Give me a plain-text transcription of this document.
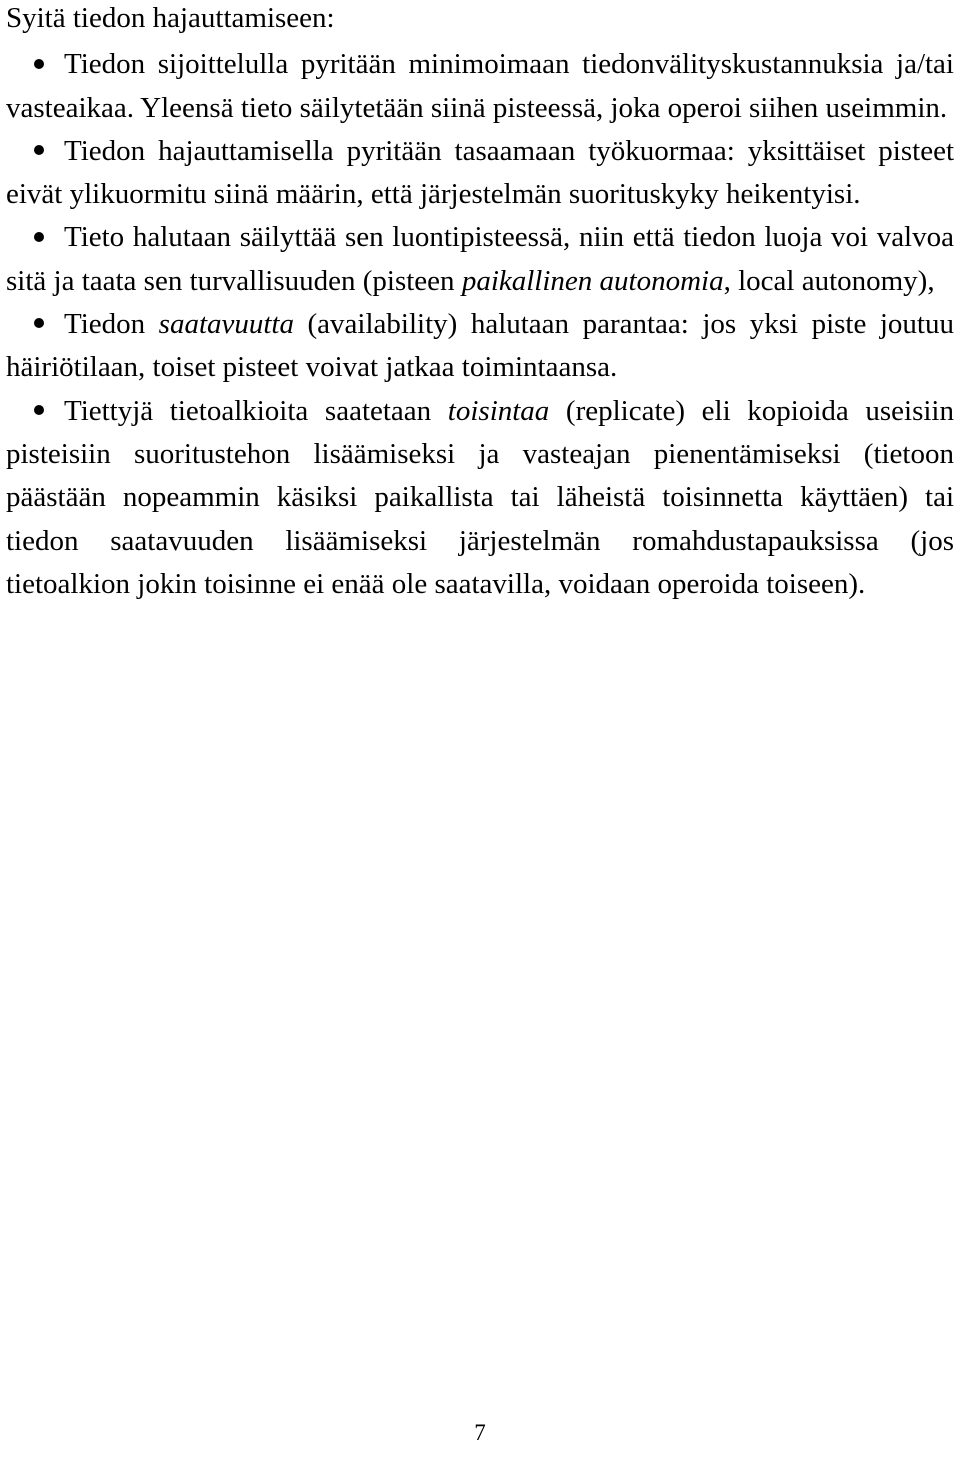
Syitä tiedon hajauttamiseen:

Tiedon sijoittelulla pyritään minimoimaan tiedonvälityskustannuksia ja/tai vasteaikaa. Yleensä tieto säilytetään siinä pisteessä, joka operoi siihen useimmin.
Tiedon hajauttamisella pyritään tasaamaan työkuormaa: yksittäiset pisteet eivät ylikuormitu siinä määrin, että järjestelmän suorituskyky heikentyisi.
Tieto halutaan säilyttää sen luontipisteessä, niin että tiedon luoja voi valvoa sitä ja taata sen turvallisuuden (pisteen paikallinen autonomia, local autonomy),
Tiedon saatavuutta (availability) halutaan parantaa: jos yksi piste joutuu häiriötilaan, toiset pisteet voivat jatkaa toimintaansa.
Tiettyjä tietoalkioita saatetaan toisintaa (replicate) eli kopioida useisiin pisteisiin suoritustehon lisäämiseksi ja vasteajan pienentämiseksi (tietoon päästään nopeammin käsiksi paikallista tai läheistä toisinnetta käyttäen) tai tiedon saatavuuden lisäämiseksi järjestelmän romahdustapauksissa (jos tietoalkion jokin toisinne ei enää ole saatavilla, voidaan operoida toiseen).
7
